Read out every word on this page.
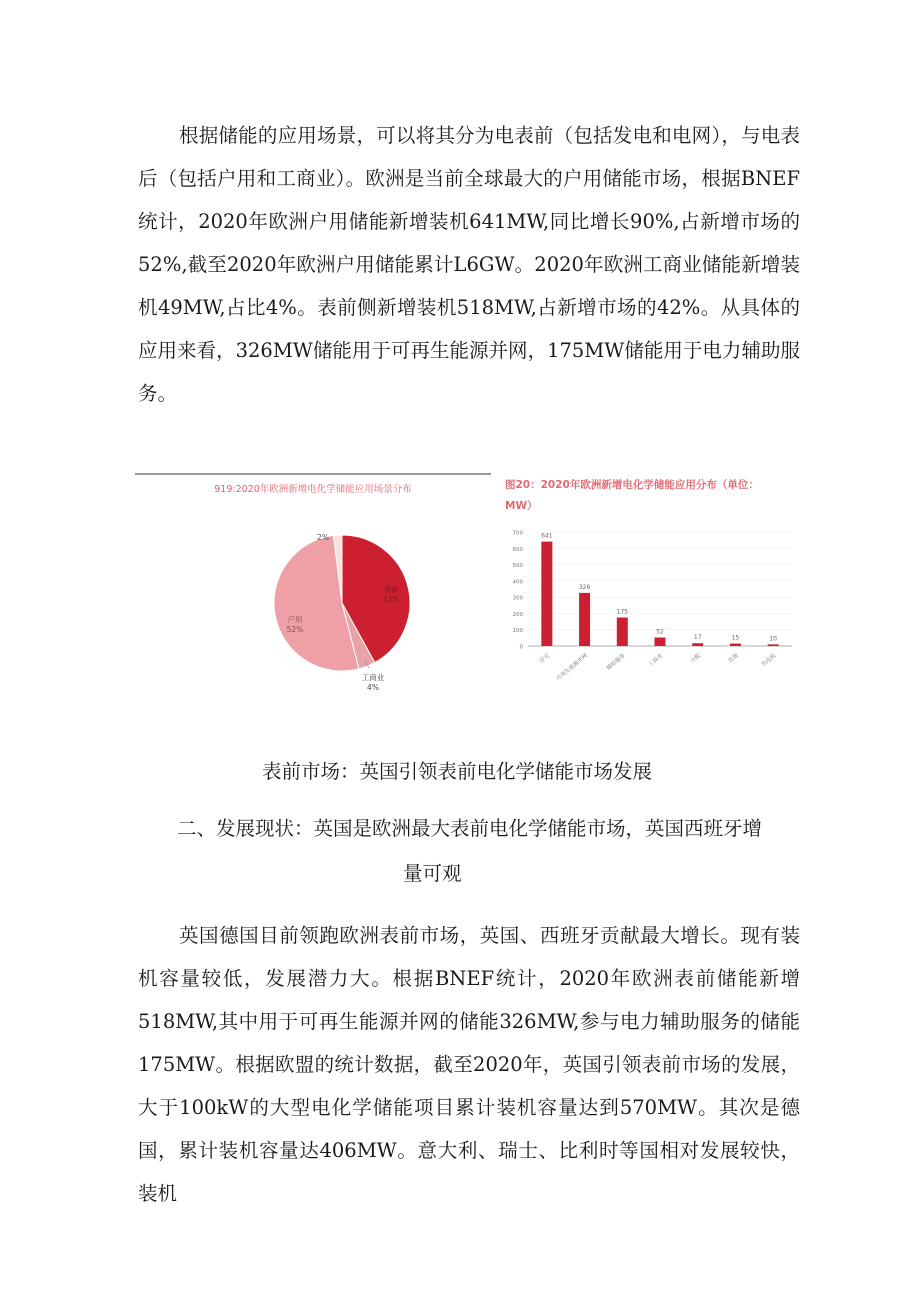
根据储能的应用场景，可以将其分为电表前（包括发电和电网），与电表后（包括户用和工商业）。欧洲是当前全球最大的户用储能市场，根据BNEF统计，2020年欧洲户用储能新增装机641MW,同比增长90%,占新增市场的52%,截至2020年欧洲户用储能累计L6GW。2020年欧洲工商业储能新增装机49MW,占比4%。表前侧新增装机518MW,占新增市场的42%。从具体的应用来看，326MW储能用于可再生能源并网，175MW储能用于电力辅助服务。

919:2020年欧洲新增电化学储能应用场景分布
表前
42%
工商业
4%
户用
52%
2%
图20：2020年欧洲新增电化学储能应用分布（单位：
MW）
0
100
200
300
400
500
600
700	641
住宅
326
可再生能源并网
175
辅助服务
52
工商业
17
分配
15
其他
10
发电机

表前市场：英国引领表前电化学储能市场发展

二、发展现状：英国是欧洲最大表前电化学储能市场，英国西班牙增

量可观

英国德国目前领跑欧洲表前市场，英国、西班牙贡献最大增长。现有装机容量较低，发展潜力大。根据BNEF统计，2020年欧洲表前储能新增518MW,其中用于可再生能源并网的储能326MW,参与电力辅助服务的储能175MW。根据欧盟的统计数据，截至2020年，英国引领表前市场的发展，大于100kW的大型电化学储能项目累计装机容量达到570MW。其次是德国，累计装机容量达406MW。意大利、瑞士、比利时等国相对发展较快，装机
